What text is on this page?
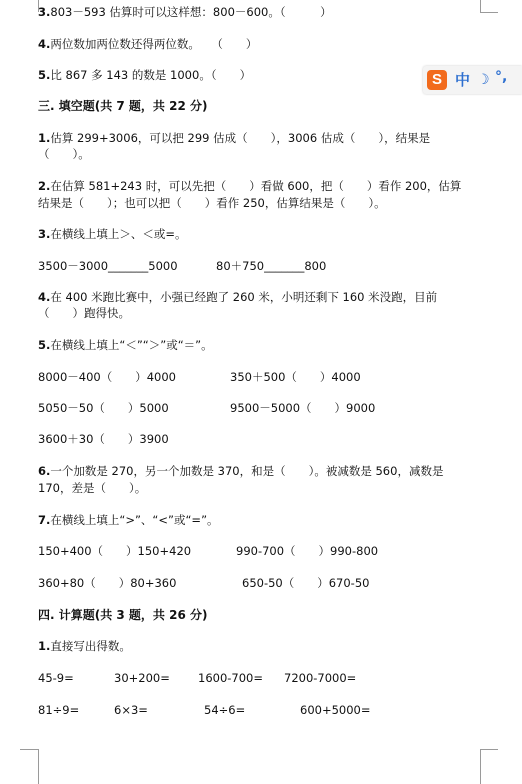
3.803－593 估算时可以这样想：800－600。（　　　）
4.两位数加两位数还得两位数。　　（　　）
5.比 867 多 143 的数是 1000。（　　）	S 中 ☽ °,
三. 填空题(共 7 题，共 22 分)
1.估算 299+3006，可以把 299 估成（　　），3006 估成（　　），结果是
（　　）。
2.在估算 581+243 时，可以先把（　　）看做 600，把（　　）看作 200，估算
结果是（　　）；也可以把（　　）看作 250，估算结果是（　　）。
3.在横线上填上＞、＜或=。
3500－3000_______5000	80＋750_______800
4.在 400 米跑比赛中，小强已经跑了 260 米，小明还剩下 160 米没跑，目前
（　　）跑得快。
5.在横线上填上“＜”“＞”或“＝”。
8000－400（　　）4000	350＋500（　　）4000
5050－50（　　）5000	9500－5000（　　）9000
3600＋30（　　）3900
6.一个加数是 270，另一个加数是 370，和是（　　）。被减数是 560，减数是
170，差是（　　）。
7.在横线上填上“>”、“<”或“=”。
150+400（　　）150+420	990-700（　　）990-800
360+80（　　）80+360	650-50（　　）670-50
四. 计算题(共 3 题，共 26 分)
1.直接写出得数。
45-9=	30+200= 1600-700= 7200-7000=
81÷9=	6×3=	54÷6=	600+5000=
